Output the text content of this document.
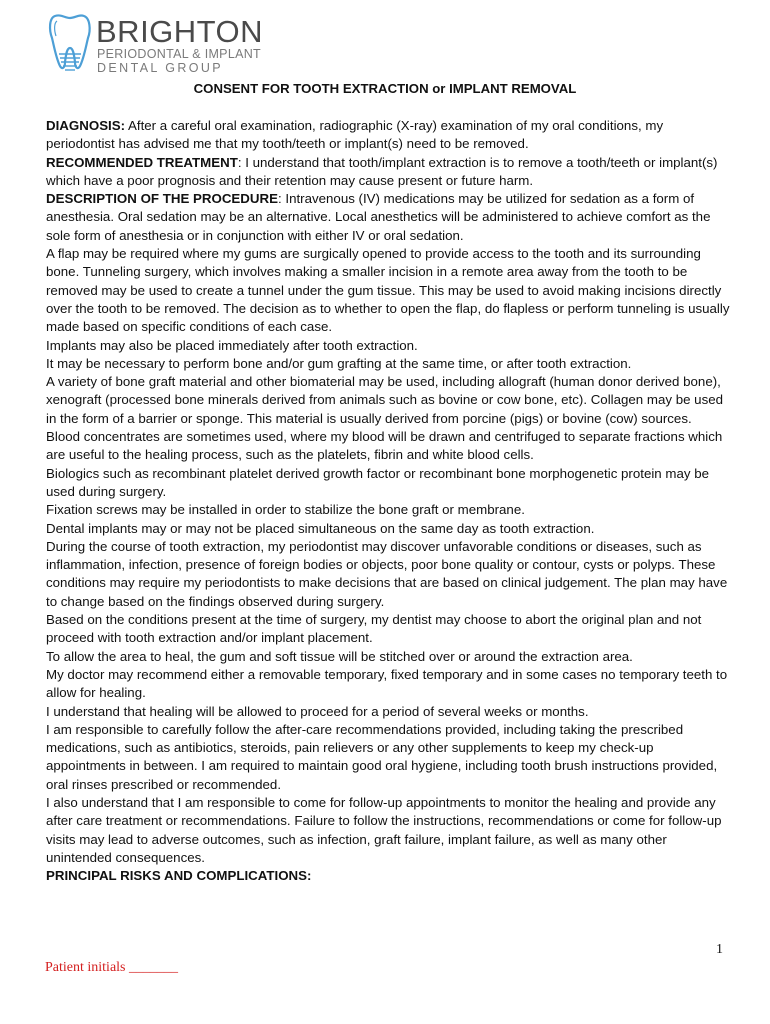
BRIGHTON
PERIODONTAL & IMPLANT
DENTAL GROUP
CONSENT FOR TOOTH EXTRACTION or IMPLANT REMOVAL

DIAGNOSIS: After a careful oral examination, radiographic (X-ray) examination of my oral conditions, my periodontist has advised me that my tooth/teeth or implant(s) need to be removed.

RECOMMENDED TREATMENT: I understand that tooth/implant extraction is to remove a tooth/teeth or implant(s) which have a poor prognosis and their retention may cause present or future harm.

DESCRIPTION OF THE PROCEDURE: Intravenous (IV) medications may be utilized for sedation as a form of anesthesia. Oral sedation may be an alternative. Local anesthetics will be administered to achieve comfort as the sole form of anesthesia or in conjunction with either IV or oral sedation.

A flap may be required where my gums are surgically opened to provide access to the tooth and its surrounding bone. Tunneling surgery, which involves making a smaller incision in a remote area away from the tooth to be removed may be used to create a tunnel under the gum tissue. This may be used to avoid making incisions directly over the tooth to be removed. The decision as to whether to open the flap, do flapless or perform tunneling is usually made based on specific conditions of each case.

Implants may also be placed immediately after tooth extraction.

It may be necessary to perform bone and/or gum grafting at the same time, or after tooth extraction.

A variety of bone graft material and other biomaterial may be used, including allograft (human donor derived bone), xenograft (processed bone minerals derived from animals such as bovine or cow bone, etc). Collagen may be used in the form of a barrier or sponge. This material is usually derived from porcine (pigs) or bovine (cow) sources.

Blood concentrates are sometimes used, where my blood will be drawn and centrifuged to separate fractions which are useful to the healing process, such as the platelets, fibrin and white blood cells.

Biologics such as recombinant platelet derived growth factor or recombinant bone morphogenetic protein may be used during surgery.

Fixation screws may be installed in order to stabilize the bone graft or membrane.

Dental implants may or may not be placed simultaneous on the same day as tooth extraction.

During the course of tooth extraction, my periodontist may discover unfavorable conditions or diseases, such as inflammation, infection, presence of foreign bodies or objects, poor bone quality or contour, cysts or polyps. These conditions may require my periodontists to make decisions that are based on clinical judgement. The plan may have to change based on the findings observed during surgery.

Based on the conditions present at the time of surgery, my dentist may choose to abort the original plan and not proceed with tooth extraction and/or implant placement.

To allow the area to heal, the gum and soft tissue will be stitched over or around the extraction area.

My doctor may recommend either a removable temporary, fixed temporary and in some cases no temporary teeth to allow for healing.

I understand that healing will be allowed to proceed for a period of several weeks or months.

I am responsible to carefully follow the after-care recommendations provided, including taking the prescribed medications, such as antibiotics, steroids, pain relievers or any other supplements to keep my check-up appointments in between. I am required to maintain good oral hygiene, including tooth brush instructions provided, oral rinses prescribed or recommended.

I also understand that I am responsible to come for follow-up appointments to monitor the healing and provide any after care treatment or recommendations. Failure to follow the instructions, recommendations or come for follow-up visits may lead to adverse outcomes, such as infection, graft failure, implant failure, as well as many other unintended consequences.

PRINCIPAL RISKS AND COMPLICATIONS:

1
Patient initials _______
